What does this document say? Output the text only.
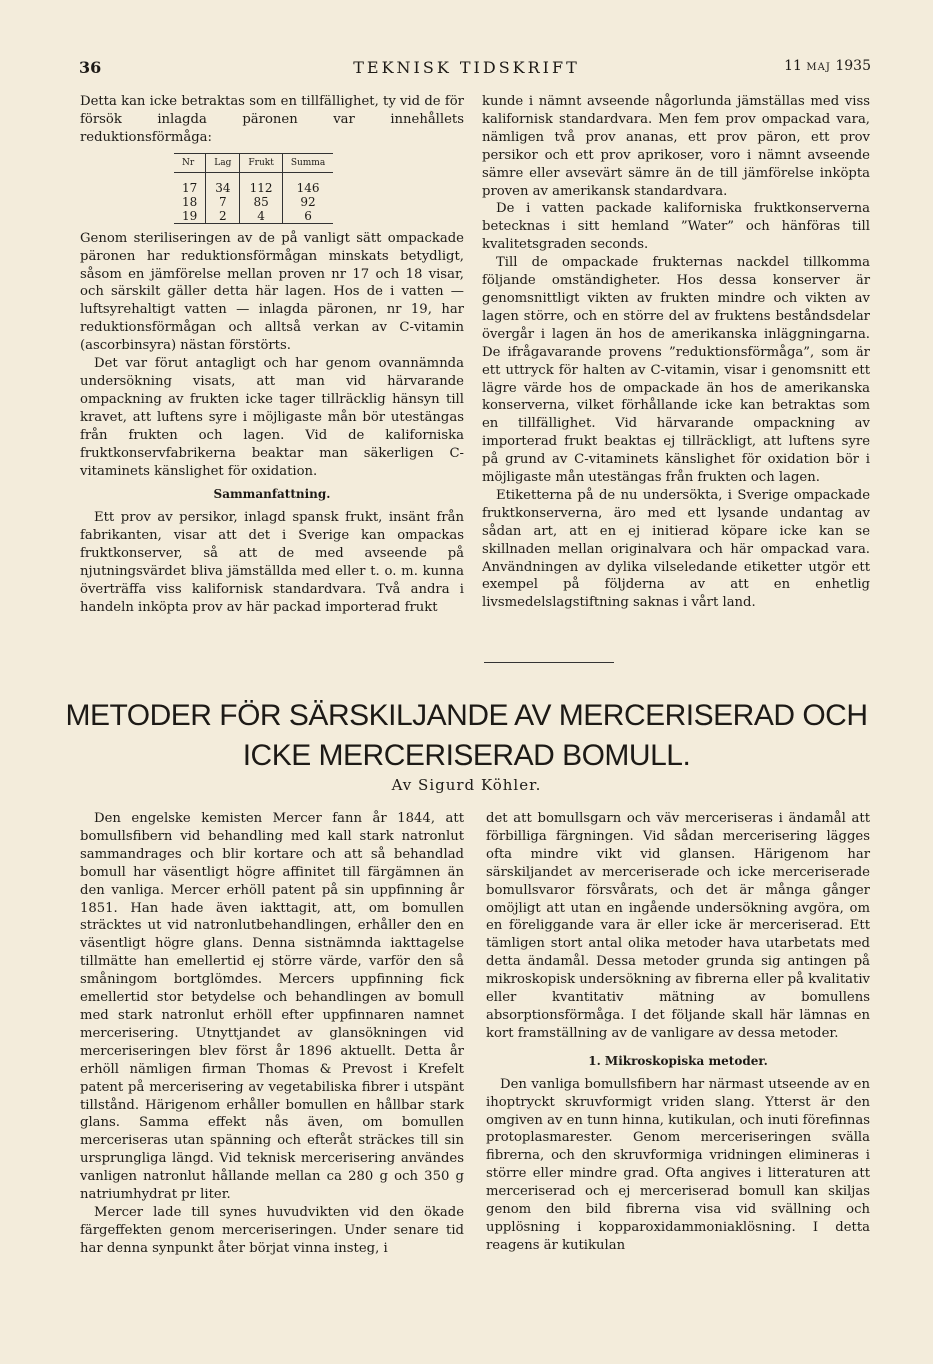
36	TEKNISK TIDSKRIFT	11 MAJ 1935

Detta kan icke betraktas som en tillfällighet, ty vid de för försök inlagda päronen var innehållets reduktionsförmåga:

Nr	Lag	Frukt	Summa
17	34	112	146
18	7	85	92
19	2	4	6

Genom steriliseringen av de på vanligt sätt ompackade päronen har reduktionsförmågan minskats betydligt, såsom en jämförelse mellan proven nr 17 och 18 visar, och särskilt gäller detta här lagen. Hos de i vatten — luftsyrehaltigt vatten — inlagda päronen, nr 19, har reduktionsförmågan och alltså verkan av C-vitamin (ascorbinsyra) nästan förstörts.

Det var förut antagligt och har genom ovannämnda undersökning visats, att man vid härvarande ompackning av frukten icke tager tillräcklig hänsyn till kravet, att luftens syre i möjligaste mån bör utestängas från frukten och lagen. Vid de kaliforniska fruktkonservfabrikerna beaktar man säkerligen C-vitaminets känslighet för oxidation.

Sammanfattning.

Ett prov av persikor, inlagd spansk frukt, insänt från fabrikanten, visar att det i Sverige kan ompackas fruktkonserver, så att de med avseende på njutningsvärdet bliva jämställda med eller t. o. m. kunna överträffa viss kalifornisk standardvara. Två andra i handeln inköpta prov av här packad importerad frukt

kunde i nämnt avseende någorlunda jämställas med viss kalifornisk standardvara. Men fem prov ompackad vara, nämligen två prov ananas, ett prov päron, ett prov persikor och ett prov aprikoser, voro i nämnt avseende sämre eller avsevärt sämre än de till jämförelse inköpta proven av amerikansk standardvara.

De i vatten packade kaliforniska fruktkonserverna betecknas i sitt hemland ”Water” och hänföras till kvalitetsgraden seconds.

Till de ompackade frukternas nackdel tillkomma följande omständigheter. Hos dessa konserver är genomsnittligt vikten av frukten mindre och vikten av lagen större, och en större del av fruktens beståndsdelar övergår i lagen än hos de amerikanska inläggningarna. De ifrågavarande provens ”reduktionsförmåga”, som är ett uttryck för halten av C-vitamin, visar i genomsnitt ett lägre värde hos de ompackade än hos de amerikanska konserverna, vilket förhållande icke kan betraktas som en tillfällighet. Vid härvarande ompackning av importerad frukt beaktas ej tillräckligt, att luftens syre på grund av C-vitaminets känslighet för oxidation bör i möjligaste mån utestängas från frukten och lagen.

Etiketterna på de nu undersökta, i Sverige ompackade fruktkonserverna, äro med ett lysande undantag av sådan art, att en ej initierad köpare icke kan se skillnaden mellan originalvara och här ompackad vara. Användningen av dylika vilseledande etiketter utgör ett exempel på följderna av att en enhetlig livsmedelslagstiftning saknas i vårt land.

METODER FÖR SÄRSKILJANDE AV MERCERISERAD OCH
ICKE MERCERISERAD BOMULL.
Av Sigurd Köhler.

Den engelske kemisten Mercer fann år 1844, att bomullsfibern vid behandling med kall stark natronlut sammandrages och blir kortare och att så behandlad bomull har väsentligt högre affinitet till färgämnen än den vanliga. Mercer erhöll patent på sin uppfinning år 1851. Han hade även iakttagit, att, om bomullen sträcktes ut vid natronlutbehandlingen, erhåller den en väsentligt högre glans. Denna sistnämnda iakttagelse tillmätte han emellertid ej större värde, varför den så småningom bortglömdes. Mercers uppfinning fick emellertid stor betydelse och behandlingen av bomull med stark natronlut erhöll efter uppfinnaren namnet mercerisering. Utnyttjandet av glansökningen vid merceriseringen blev först år 1896 aktuellt. Detta år erhöll nämligen firman Thomas & Prevost i Krefelt patent på mercerisering av vegetabiliska fibrer i utspänt tillstånd. Härigenom erhåller bomullen en hållbar stark glans. Samma effekt nås även, om bomullen merceriseras utan spänning och efteråt sträckes till sin ursprungliga längd. Vid teknisk mercerisering användes vanligen natronlut hållande mellan ca 280 g och 350 g natriumhydrat pr liter.

Mercer lade till synes huvudvikten vid den ökade färgeffekten genom merceriseringen. Under senare tid har denna synpunkt åter börjat vinna insteg, i

det att bomullsgarn och väv merceriseras i ändamål att förbilliga färgningen. Vid sådan mercerisering lägges ofta mindre vikt vid glansen. Härigenom har särskiljandet av merceriserade och icke merceriserade bomullsvaror försvårats, och det är många gånger omöjligt att utan en ingående undersökning avgöra, om en föreliggande vara är eller icke är merceriserad. Ett tämligen stort antal olika metoder hava utarbetats med detta ändamål. Dessa metoder grunda sig antingen på mikroskopisk undersökning av fibrerna eller på kvalitativ eller kvantitativ mätning av bomullens absorptionsförmåga. I det följande skall här lämnas en kort framställning av de vanligare av dessa metoder.

1. Mikroskopiska metoder.

Den vanliga bomullsfibern har närmast utseende av en ihoptryckt skruvformigt vriden slang. Ytterst är den omgiven av en tunn hinna, kutikulan, och inuti förefinnas protoplasmarester. Genom merceriseringen svälla fibrerna, och den skruvformiga vridningen elimineras i större eller mindre grad. Ofta angives i litteraturen att merceriserad och ej merceriserad bomull kan skiljas genom den bild fibrerna visa vid svällning och upplösning i kopparoxidammoniaklösning. I detta reagens är kutikulan
